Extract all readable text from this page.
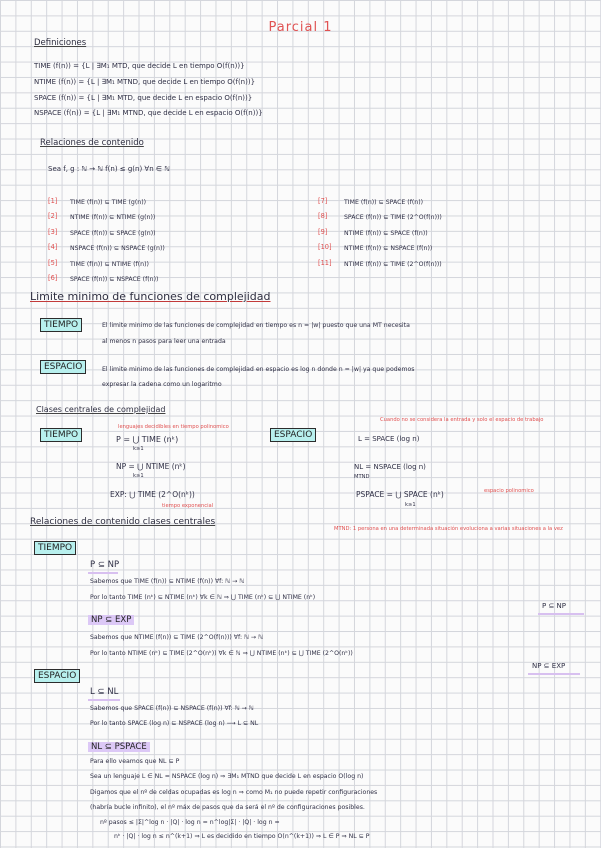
Parcial 1
Definiciones
TIME (f(n)) = {L | ∃M₁ MTD, que decide L en tiempo O(f(n))}
NTIME (f(n)) = {L | ∃M₁ MTND, que decide L en tiempo O(f(n))}
SPACE (f(n)) = {L | ∃M₁ MTD, que decide L en espacio O(f(n))}
NSPACE (f(n)) = {L | ∃M₁ MTND, que decide L en espacio O(f(n))}
Relaciones de contenido
Sea f, g : ℕ → ℕ f(n) ≤ g(n) ∀n ∈ ℕ
[1]
[2]
[3]
[4]
[5]
[6]
TIME (f(n)) ⊆ TIME (g(n))
NTIME (f(n)) ⊆ NTIME (g(n))
SPACE (f(n)) ⊆ SPACE (g(n))
NSPACE (f(n)) ⊆ NSPACE (g(n))
TIME (f(n)) ⊆ NTIME (f(n))
SPACE (f(n)) ⊆ NSPACE (f(n))
[7]
[8]
[9]
[10]
[11]
TIME (f(n)) ⊆ SPACE (f(n))
SPACE (f(n)) ⊆ TIME (2^O(f(n)))
NTIME (f(n)) ⊆ SPACE (f(n))
NTIME (f(n)) ⊆ NSPACE (f(n))
NTIME (f(n)) ⊆ TIME (2^O(f(n)))
Limite minimo de funciones de complejidad
TIEMPO	El limite minimo de las funciones de complejidad en tiempo es n = |w| puesto que una MT necesita
al menos n pasos para leer una entrada
ESPACIO	El limite minimo de las funciones de complejidad en espacio es log n donde n = |w| ya que podemos
expresar la cadena como un logaritmo
Clases centrales de complejidad
TIEMPO
lenguajes decidibles en tiempo polinomico
P = ⋃ TIME (nᵏ)
k≥1
NP = ⋃ NTIME (nᵏ)
k≥1
EXP: ⋃ TIME (2^O(nᵏ))
tiempo exponencial
ESPACIO
Cuando no se considera la entrada y solo el espacio de trabajo
L = SPACE (log n)
NL = NSPACE (log n)
MTND
PSPACE = ⋃ SPACE (nᵏ)
k≥1
espacio polinomico
Relaciones de contenido clases centrales
MTND: 1 persona en una determinada situación evoluciona a varias situaciones a la vez
TIEMPO
P ⊆ NP
Sabemos que TIME (f(n)) ⊆ NTIME (f(n)) ∀f: ℕ → ℕ
Por lo tanto TIME (nᵏ) ⊆ NTIME (nᵏ) ∀k ∈ ℕ ⇒ ⋃ TIME (nᵏ) ⊆ ⋃ NTIME (nᵏ)
P ⊆ NP
NP ⊆ EXP
Sabemos que NTIME (f(n)) ⊆ TIME (2^O(f(n))) ∀f: ℕ → ℕ
Por lo tanto NTIME (nᵏ) ⊆ TIME (2^O(nᵏ)) ∀k ∈ ℕ ⇒ ⋃ NTIME (nᵏ) ⊆ ⋃ TIME (2^O(nᵏ))
NP ⊆ EXP
ESPACIO
L ⊆ NL
Sabemos que SPACE (f(n)) ⊆ NSPACE (f(n)) ∀f: ℕ → ℕ
Por lo tanto SPACE (log n) ⊆ NSPACE (log n) ⟶ L ⊆ NL
NL ⊆ PSPACE
Para ello veamos que NL ⊆ P
Sea un lenguaje L ∈ NL = NSPACE (log n) ⇒ ∃M₁ MTND que decide L en espacio O(log n)
Digamos que el nº de celdas ocupadas es log n ⇒ como M₁ no puede repetir configuraciones
(habría bucle infinito), el nº máx de pasos que da será el nº de configuraciones posibles.
nº pasos ≤ |Σ|^log n · |Q| · log n = n^log|Σ| · |Q| · log n =
nᵏ · |Q| · log n ≤ n^(k+1) ⇒ L es decidido en tiempo O(n^(k+1)) ⇒ L ∈ P ⇒ NL ⊆ P
